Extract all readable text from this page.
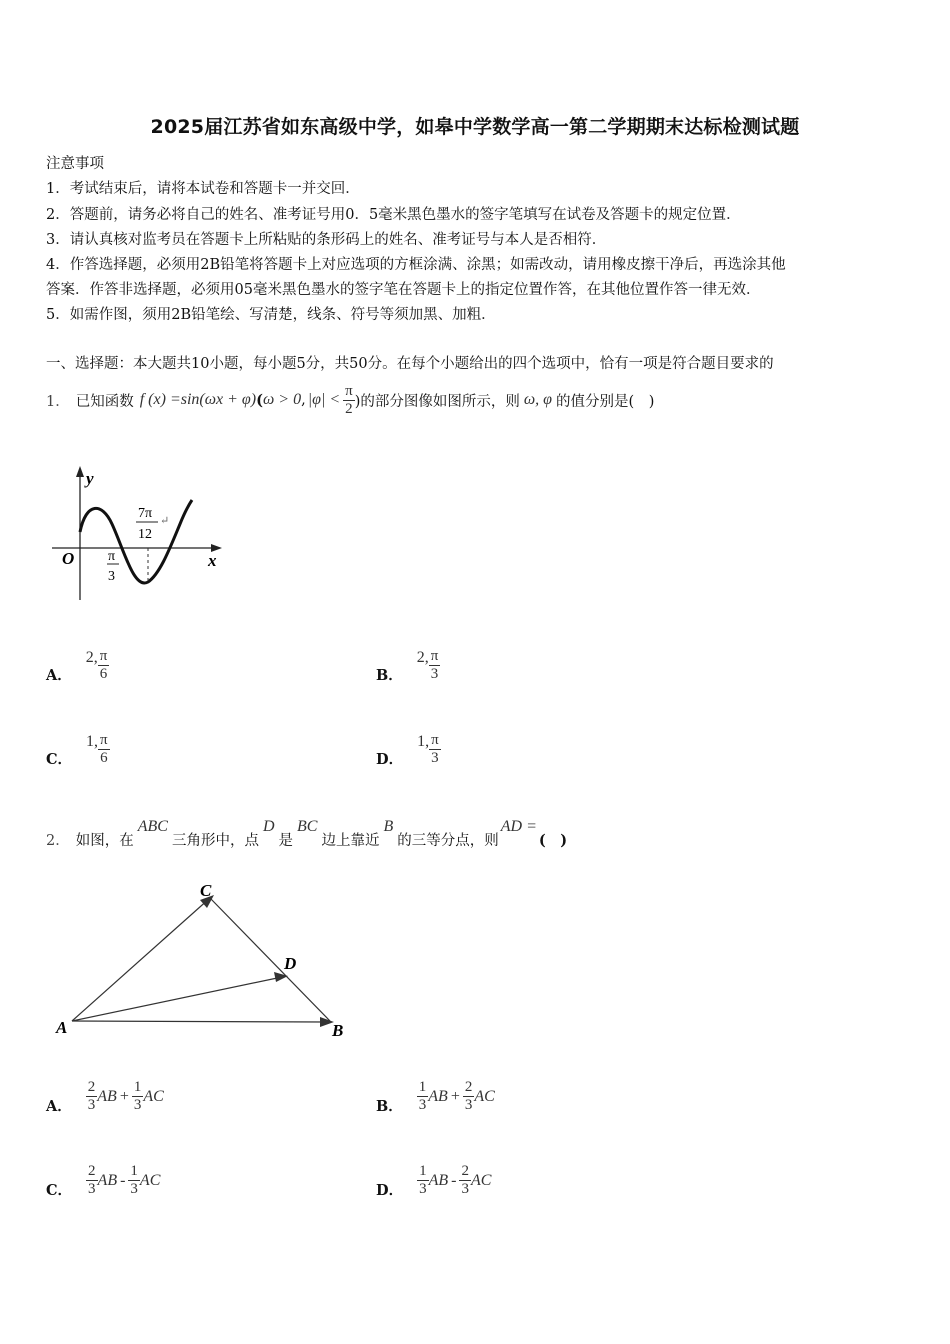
2025届江苏省如东高级中学，如皋中学数学高一第二学期期末达标检测试题
注意事项
1．考试结束后，请将本试卷和答题卡一并交回．
2．答题前，请务必将自己的姓名、准考证号用0．5毫米黑色墨水的签字笔填写在试卷及答题卡的规定位置．
3．请认真核对监考员在答题卡上所粘贴的条形码上的姓名、准考证号与本人是否相符．
4．作答选择题，必须用2B铅笔将答题卡上对应选项的方框涂满、涂黑；如需改动，请用橡皮擦干净后，再选涂其他
答案．作答非选择题，必须用05毫米黑色墨水的签字笔在答题卡上的指定位置作答，在其他位置作答一律无效．
5．如需作图，须用2B铅笔绘、写清楚，线条、符号等须加黑、加粗．
一、选择题：本大题共10小题，每小题5分，共50分。在每个小题给出的四个选项中，恰有一项是符合题目要求的
1． 已知函数 f (x) =sin(ωx + φ) ( ω > 0 , $|\varphi| < \frac{\pi}{2}$ )的部分图像如图所示，则 ω, φ 的值分别是(　)
y
x
O π
3
7π
12
↵
A．
2, $\frac{\pi}{6}$	B．
2, $\frac{\pi}{3}$
C．
1, $\frac{\pi}{6}$	D．
1, $\frac{\pi}{3}$
2． 如图，在
ABC
三角形中，点
D
是
BC
边上靠近
B
的三等分点，则
AD =
(　)
C
D
A	B
A． $\frac{2}{3}$ AB + $\frac{1}{3}$ AC
B． $\frac{1}{3}$ AB + $\frac{2}{3}$ AC
C． $\frac{2}{3}$ AB - $\frac{1}{3}$ AC
D． $\frac{1}{3}$ AB - $\frac{2}{3}$ AC
